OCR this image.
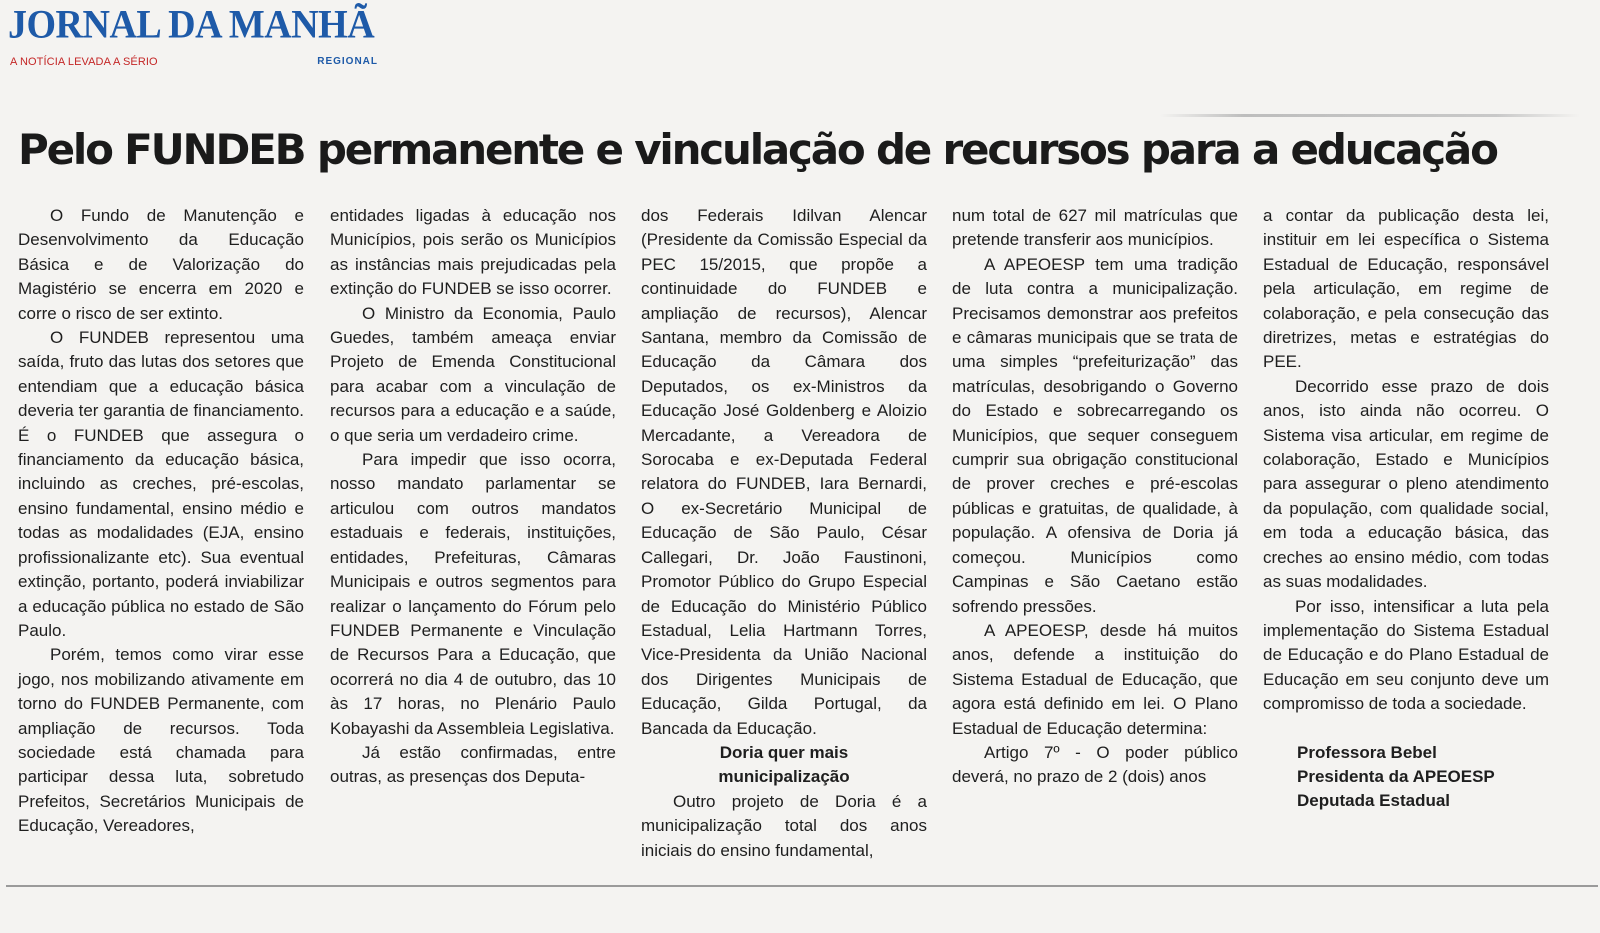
JORNAL DA MANHÃ
A NOTÍCIA LEVADA A SÉRIO	REGIONAL
Pelo FUNDEB permanente e vinculação de recursos para a educação

O Fundo de Manutenção e Desenvolvimento da Educação Básica e de Valorização do Magistério se encerra em 2020 e corre o risco de ser extinto.

O FUNDEB representou uma saída, fruto das lutas dos setores que entendiam que a educação básica deveria ter garantia de financiamento. É o FUNDEB que assegura o financiamento da educação básica, incluindo as creches, pré-escolas, ensino fundamental, ensino médio e todas as modalidades (EJA, ensino profissionalizante etc). Sua eventual extinção, portanto, poderá inviabilizar a educação pública no estado de São Paulo.

Porém, temos como virar esse jogo, nos mobilizando ativamente em torno do FUNDEB Permanente, com ampliação de recursos. Toda sociedade está chamada para participar dessa luta, sobretudo Prefeitos, Secretários Municipais de Educação, Vereadores,

entidades ligadas à educação nos Municípios, pois serão os Municípios as instâncias mais prejudicadas pela extinção do FUNDEB se isso ocorrer.

O Ministro da Economia, Paulo Guedes, também ameaça enviar Projeto de Emenda Constitucional para acabar com a vinculação de recursos para a educação e a saúde, o que seria um verdadeiro crime.

Para impedir que isso ocorra, nosso mandato parlamentar se articulou com outros mandatos estaduais e federais, instituições, entidades, Prefeituras, Câmaras Municipais e outros segmentos para realizar o lançamento do Fórum pelo FUNDEB Permanente e Vinculação de Recursos Para a Educação, que ocorrerá no dia 4 de outubro, das 10 às 17 horas, no Plenário Paulo Kobayashi da Assembleia Legislativa.

Já estão confirmadas, entre outras, as presenças dos Deputa-

dos Federais Idilvan Alencar (Presidente da Comissão Especial da PEC 15/2015, que propõe a continuidade do FUNDEB e ampliação de recursos), Alencar Santana, membro da Comissão de Educação da Câmara dos Deputados, os ex-Ministros da Educação José Goldenberg e Aloizio Mercadante, a Vereadora de Sorocaba e ex-Deputada Federal relatora do FUNDEB, Iara Bernardi, O ex-Secretário Municipal de Educação de São Paulo, César Callegari, Dr. João Faustinoni, Promotor Público do Grupo Especial de Educação do Ministério Público Estadual, Lelia Hartmann Torres, Vice-Presidenta da União Nacional dos Dirigentes Municipais de Educação, Gilda Portugal, da Bancada da Educação.

Doria quer mais

municipalização

Outro projeto de Doria é a municipalização total dos anos iniciais do ensino fundamental,

num total de 627 mil matrículas que pretende transferir aos municípios.

A APEOESP tem uma tradição de luta contra a municipalização. Precisamos demonstrar aos prefeitos e câmaras municipais que se trata de uma simples “prefeiturização” das matrículas, desobrigando o Governo do Estado e sobrecarregando os Municípios, que sequer conseguem cumprir sua obrigação constitucional de prover creches e pré-escolas públicas e gratuitas, de qualidade, à população. A ofensiva de Doria já começou. Municípios como Campinas e São Caetano estão sofrendo pressões.

A APEOESP, desde há muitos anos, defende a instituição do Sistema Estadual de Educação, que agora está definido em lei. O Plano Estadual de Educação determina:

Artigo 7º - O poder público deverá, no prazo de 2 (dois) anos

a contar da publicação desta lei, instituir em lei específica o Sistema Estadual de Educação, responsável pela articulação, em regime de colaboração, e pela consecução das diretrizes, metas e estratégias do PEE.

Decorrido esse prazo de dois anos, isto ainda não ocorreu. O Sistema visa articular, em regime de colaboração, Estado e Municípios para assegurar o pleno atendimento da população, com qualidade social, em toda a educação básica, das creches ao ensino médio, com todas as suas modalidades.

Por isso, intensificar a luta pela implementação do Sistema Estadual de Educação e do Plano Estadual de Educação em seu conjunto deve um compromisso de toda a sociedade.

Professora Bebel

Presidenta da APEOESP

Deputada Estadual
